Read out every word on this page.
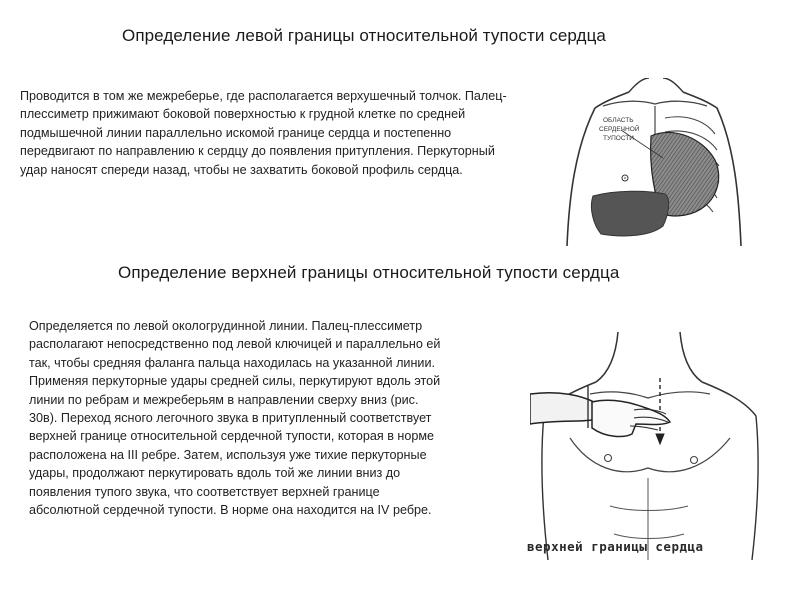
Определение левой границы относительной тупости сердца
Проводится в том же межреберье, где располагается верхушечный толчок. Палец-плессиметр прижимают боковой поверхностью к грудной клетке по средней подмышечной линии параллельно искомой границе сердца и постепенно передвигают по направлению к сердцу до появления притупления. Перкуторный удар наносят спереди назад, чтобы не захватить боковой профиль сердца.
ОБЛАСТЬ
СЕРДЕЧНОЙ
ТУПОСТИ
Определение верхней границы относительной тупости сердца
Определяется по левой окологрудинной линии. Палец-плессиметр располагают непосредственно под левой ключицей и параллельно ей так, чтобы средняя фаланга пальца находилась на указанной линии. Применяя перкуторные удары средней силы, перкутируют вдоль этой линии по ребрам и межреберьям в направлении сверху вниз (рис. 30в). Переход ясного легочного звука в притупленный соответствует верхней границе относительной сердечной тупости, которая в норме расположена на III ребре. Затем, используя уже тихие перкуторные удары, продолжают перкутировать вдоль той же линии вниз до появления тупого звука, что соответствует верхней границе абсолютной сердечной тупости. В норме она находится на IV ребре.
верхней границы сердца
